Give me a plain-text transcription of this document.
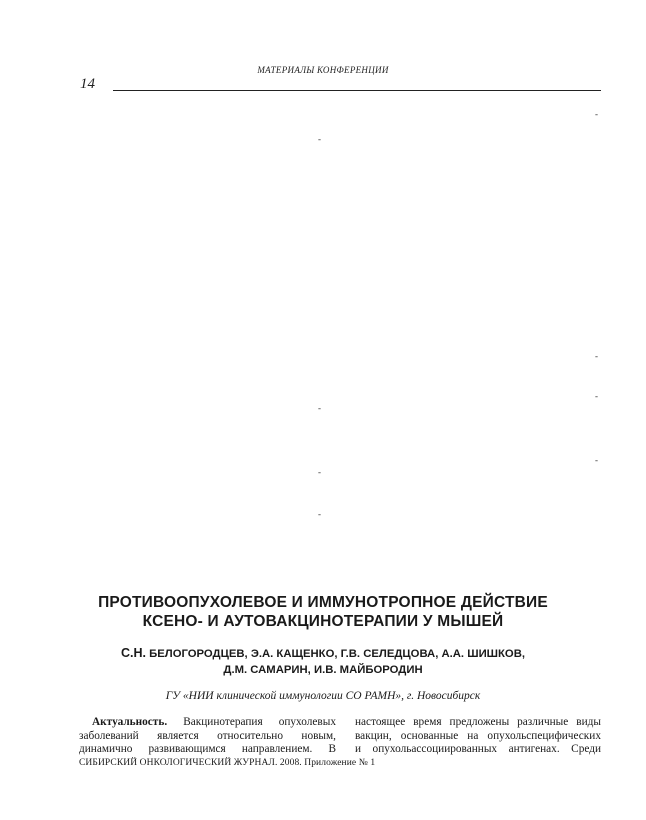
МАТЕРИАЛЫ КОНФЕРЕНЦИИ
14
-
-
-
-
-
-
-
-
ПРОТИВООПУХОЛЕВОЕ И ИММУНОТРОПНОЕ ДЕЙСТВИЕ
КСЕНО- И АУТОВАКЦИНОТЕРАПИИ У МЫШЕЙ
С.Н. БЕЛОГОРОДЦЕВ, Э.А. КАЩЕНКО, Г.В. СЕЛЕДЦОВА, А.А. ШИШКОВ,
Д.М. САМАРИН, И.В. МАЙБОРОДИН
ГУ «НИИ клинической иммунологии СО РАМН», г. Новосибирск
Актуальность. Вакцинотерапия опухолевых
заболеваний является относительно новым,
динамично развивающимся направлением. В
настоящее время предложены различные виды
вакцин, основанные на опухольспецифических
и опухольассоциированных антигенах. Среди
СИБИРСКИЙ ОНКОЛОГИЧЕСКИЙ ЖУРНАЛ. 2008. Приложение № 1
